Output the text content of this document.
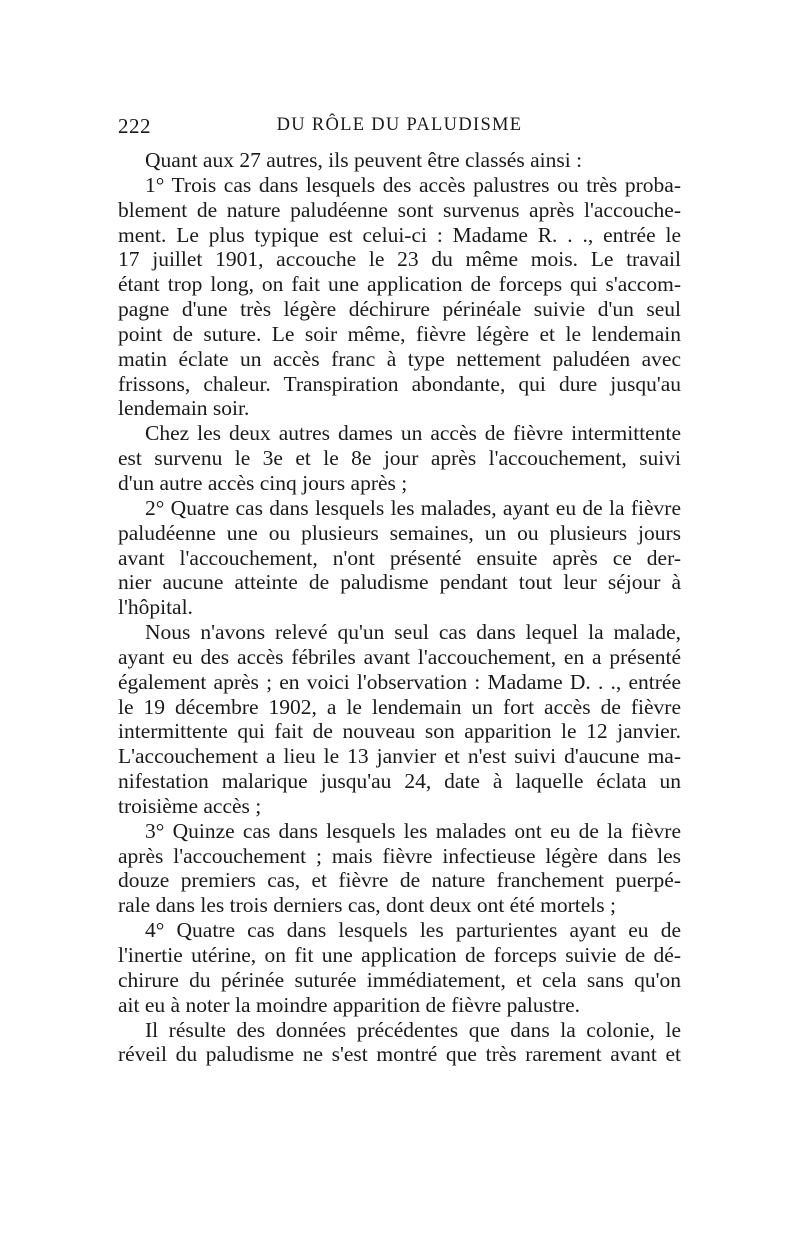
222	DU RÔLE DU PALUDISME
Quant aux 27 autres, ils peuvent être classés ainsi :
1° Trois cas dans lesquels des accès palustres ou très proba-
blement de nature paludéenne sont survenus après l'accouche-
ment. Le plus typique est celui-ci : Madame R. . ., entrée le
17 juillet 1901, accouche le 23 du même mois. Le travail
étant trop long, on fait une application de forceps qui s'accom-
pagne d'une très légère déchirure périnéale suivie d'un seul
point de suture. Le soir même, fièvre légère et le lendemain
matin éclate un accès franc à type nettement paludéen avec
frissons, chaleur. Transpiration abondante, qui dure jusqu'au
lendemain soir.
Chez les deux autres dames un accès de fièvre intermittente
est survenu le 3e et le 8e jour après l'accouchement, suivi
d'un autre accès cinq jours après ;
2° Quatre cas dans lesquels les malades, ayant eu de la fièvre
paludéenne une ou plusieurs semaines, un ou plusieurs jours
avant l'accouchement, n'ont présenté ensuite après ce der-
nier aucune atteinte de paludisme pendant tout leur séjour à
l'hôpital.
Nous n'avons relevé qu'un seul cas dans lequel la malade,
ayant eu des accès fébriles avant l'accouchement, en a présenté
également après ; en voici l'observation : Madame D. . ., entrée
le 19 décembre 1902, a le lendemain un fort accès de fièvre
intermittente qui fait de nouveau son apparition le 12 janvier.
L'accouchement a lieu le 13 janvier et n'est suivi d'aucune ma-
nifestation malarique jusqu'au 24, date à laquelle éclata un
troisième accès ;
3° Quinze cas dans lesquels les malades ont eu de la fièvre
après l'accouchement ; mais fièvre infectieuse légère dans les
douze premiers cas, et fièvre de nature franchement puerpé-
rale dans les trois derniers cas, dont deux ont été mortels ;
4° Quatre cas dans lesquels les parturientes ayant eu de
l'inertie utérine, on fit une application de forceps suivie de dé-
chirure du périnée suturée immédiatement, et cela sans qu'on
ait eu à noter la moindre apparition de fièvre palustre.
Il résulte des données précédentes que dans la colonie, le
réveil du paludisme ne s'est montré que très rarement avant et
